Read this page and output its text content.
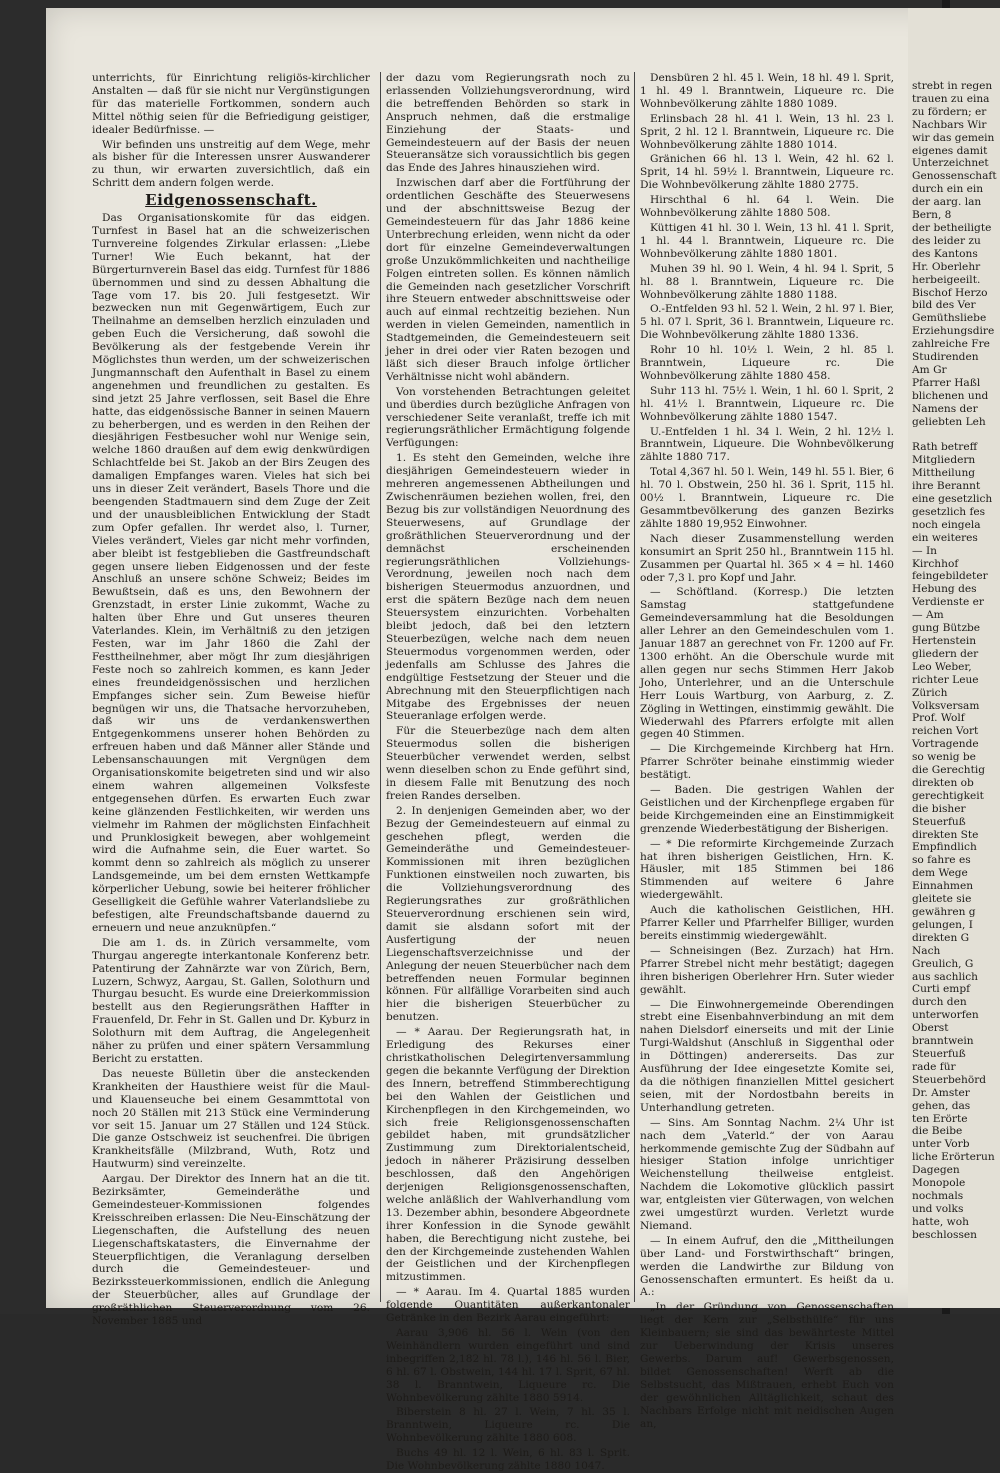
strebt in regen
trauen zu eina
zu fördern; er
Nachbars Wir
wir das gemein
eigenes damit
Unterzeichnet
Genossenschaft
durch ein ein
der aarg. lan
Bern, 8
der betheiligte
des leider zu
des Kantons
Hr. Oberlehr
herbeigeeilt.
Bischof Herzo
bild des Ver
Gemüthsliebe
Erziehungsdire
zahlreiche Fre
Studirenden
Am Gr
Pfarrer Haßl
blichenen und
Namens der
geliebten Leh

Rath betreff
Mitgliedern
Mittheilung
ihre Berannt
eine gesetzlich
gesetzlich fes
noch eingela
ein weiteres
— In
Kirchhof
feingebildeter
Hebung des
Verdienste er
— Am
gung Bützbe
Hertenstein
gliedern der
Leo Weber,
richter Leue
Zürich
Volksversam
Prof. Wolf
reichen Vort
Vortragende
so wenig be
die Gerechtig
direkten ob
gerechtigkeit
die bisher
Steuerfuß
direkten Ste
Empfindlich
so fahre es
dem Wege
Einnahmen
gleitete sie
gewähren g
gelungen, I
direkten G
Nach
Greulich, G
aus sachlich
Curti empf
durch den
unterworfen
Oberst
branntwein
Steuerfuß
rade für
Steuerbehörd
Dr. Amster
gehen, das
ten Erörte
die Beibe
unter Vorb
liche Erörterun
Dagegen
Monopole
nochmals
und volks
hatte, woh
beschlossen

unterrichts, für Einrichtung religiös-kirchlicher Anstalten — daß für sie nicht nur Vergünstigungen für das materielle Fortkommen, sondern auch Mittel nöthig seien für die Befriedigung geistiger, idealer Bedürfnisse. —

Wir befinden uns unstreitig auf dem Wege, mehr als bisher für die Interessen unsrer Auswanderer zu thun, wir erwarten zuversichtlich, daß ein Schritt dem andern folgen werde.

Eidgenossenschaft.

Das Organisationskomite für das eidgen. Turnfest in Basel hat an die schweizerischen Turnvereine folgendes Zirkular erlassen: „Liebe Turner! Wie Euch bekannt, hat der Bürgerturnverein Basel das eidg. Turnfest für 1886 übernommen und sind zu dessen Abhaltung die Tage vom 17. bis 20. Juli festgesetzt. Wir bezwecken nun mit Gegenwärtigem, Euch zur Theilnahme an demselben herzlich einzuladen und geben Euch die Versicherung, daß sowohl die Bevölkerung als der festgebende Verein ihr Möglichstes thun werden, um der schweizerischen Jungmannschaft den Aufenthalt in Basel zu einem angenehmen und freundlichen zu gestalten. Es sind jetzt 25 Jahre verflossen, seit Basel die Ehre hatte, das eidgenössische Banner in seinen Mauern zu beherbergen, und es werden in den Reihen der diesjährigen Festbesucher wohl nur Wenige sein, welche 1860 draußen auf dem ewig denkwürdigen Schlachtfelde bei St. Jakob an der Birs Zeugen des damaligen Empfanges waren. Vieles hat sich bei uns in dieser Zeit verändert, Basels Thore und die beengenden Stadtmauern sind dem Zuge der Zeit und der unausbleiblichen Entwicklung der Stadt zum Opfer gefallen. Ihr werdet also, l. Turner, Vieles verändert, Vieles gar nicht mehr vorfinden, aber bleibt ist festgeblieben die Gastfreundschaft gegen unsere lieben Eidgenossen und der feste Anschluß an unsere schöne Schweiz; Beides im Bewußtsein, daß es uns, den Bewohnern der Grenzstadt, in erster Linie zukommt, Wache zu halten über Ehre und Gut unseres theuren Vaterlandes. Klein, im Verhältniß zu den jetzigen Festen, war im Jahr 1860 die Zahl der Festtheilnehmer, aber mögt Ihr zum diesjährigen Feste noch so zahlreich kommen, es kann Jeder eines freundeidgenössischen und herzlichen Empfanges sicher sein. Zum Beweise hiefür begnügen wir uns, die Thatsache hervorzuheben, daß wir uns de verdankenswerthen Entgegenkommens unserer hohen Behörden zu erfreuen haben und daß Männer aller Stände und Lebensanschauungen mit Vergnügen dem Organisationskomite beigetreten sind und wir also einem wahren allgemeinen Volksfeste entgegensehen dürfen. Es erwarten Euch zwar keine glänzenden Festlichkeiten, wir werden uns vielmehr im Rahmen der möglichsten Einfachheit und Prunklosigkeit bewegen, aber wohlgemeint wird die Aufnahme sein, die Euer wartet. So kommt denn so zahlreich als möglich zu unserer Landsgemeinde, um bei dem ernsten Wettkampfe körperlicher Uebung, sowie bei heiterer fröhlicher Geselligkeit die Gefühle wahrer Vaterlandsliebe zu befestigen, alte Freundschaftsbande dauernd zu erneuern und neue anzuknüpfen.“

Die am 1. ds. in Zürich versammelte, vom Thurgau angeregte interkantonale Konferenz betr. Patentirung der Zahnärzte war von Zürich, Bern, Luzern, Schwyz, Aargau, St. Gallen, Solothurn und Thurgau besucht. Es wurde eine Dreierkommission bestellt aus den Regierungsräthen Haffter in Frauenfeld, Dr. Fehr in St. Gallen und Dr. Kyburz in Solothurn mit dem Auftrag, die Angelegenheit näher zu prüfen und einer spätern Versammlung Bericht zu erstatten.

Das neueste Bülletin über die ansteckenden Krankheiten der Hausthiere weist für die Maul- und Klauenseuche bei einem Gesammttotal von noch 20 Ställen mit 213 Stück eine Verminderung vor seit 15. Januar um 27 Ställen und 124 Stück. Die ganze Ostschweiz ist seuchenfrei. Die übrigen Krankheitsfälle (Milzbrand, Wuth, Rotz und Hautwurm) sind vereinzelte.

Aargau. Der Direktor des Innern hat an die tit. Bezirksämter, Gemeinderäthe und Gemeindesteuer-Kommissionen folgendes Kreisschreiben erlassen: Die Neu-Einschätzung der Liegenschaften, die Aufstellung des neuen Liegenschaftskatasters, die Einvernahme der Steuerpflichtigen, die Veranlagung derselben durch die Gemeindesteuer- und Bezirkssteuerkommissionen, endlich die Anlegung der Steuerbücher, alles auf Grundlage der großräthlichen Steuerverordnung vom 26. November 1885 und

der dazu vom Regierungsrath noch zu erlassenden Vollziehungsverordnung, wird die betreffenden Behörden so stark in Anspruch nehmen, daß die erstmalige Einziehung der Staats- und Gemeindesteuern auf der Basis der neuen Steueransätze sich voraussichtlich bis gegen das Ende des Jahres hinausziehen wird.

Inzwischen darf aber die Fortführung der ordentlichen Geschäfte des Steuerwesens und der abschnittsweise Bezug der Gemeindesteuern für das Jahr 1886 keine Unterbrechung erleiden, wenn nicht da oder dort für einzelne Gemeindeverwaltungen große Unzukömmlichkeiten und nachtheilige Folgen eintreten sollen. Es können nämlich die Gemeinden nach gesetzlicher Vorschrift ihre Steuern entweder abschnittsweise oder auch auf einmal rechtzeitig beziehen. Nun werden in vielen Gemeinden, namentlich in Stadtgemeinden, die Gemeindesteuern seit jeher in drei oder vier Raten bezogen und läßt sich dieser Brauch infolge örtlicher Verhältnisse nicht wohl abändern.

Von vorstehenden Betrachtungen geleitet und überdies durch bezügliche Anfragen von verschiedener Seite veranlaßt, treffe ich mit regierungsräthlicher Ermächtigung folgende Verfügungen:

1. Es steht den Gemeinden, welche ihre diesjährigen Gemeindesteuern wieder in mehreren angemessenen Abtheilungen und Zwischenräumen beziehen wollen, frei, den Bezug bis zur vollständigen Neuordnung des Steuerwesens, auf Grundlage der großräthlichen Steuerverordnung und der demnächst erscheinenden regierungsräthlichen Vollziehungs-Verordnung, jeweilen noch nach dem bisherigen Steuermodus anzuordnen, und erst die spätern Bezüge nach dem neuen Steuersystem einzurichten. Vorbehalten bleibt jedoch, daß bei den letztern Steuerbezügen, welche nach dem neuen Steuermodus vorgenommen werden, oder jedenfalls am Schlusse des Jahres die endgültige Festsetzung der Steuer und die Abrechnung mit den Steuerpflichtigen nach Mitgabe des Ergebnisses der neuen Steueranlage erfolgen werde.

Für die Steuerbezüge nach dem alten Steuermodus sollen die bisherigen Steuerbücher verwendet werden, selbst wenn dieselben schon zu Ende geführt sind, in diesem Falle mit Benutzung des noch freien Randes derselben.

2. In denjenigen Gemeinden aber, wo der Bezug der Gemeindesteuern auf einmal zu geschehen pflegt, werden die Gemeinderäthe und Gemeindesteuer-Kommissionen mit ihren bezüglichen Funktionen einstweilen noch zuwarten, bis die Vollziehungsverordnung des Regierungsrathes zur großräthlichen Steuerverordnung erschienen sein wird, damit sie alsdann sofort mit der Ausfertigung der neuen Liegenschaftsverzeichnisse und der Anlegung der neuen Steuerbücher nach dem betreffenden neuen Formular beginnen können. Für allfällige Vorarbeiten sind auch hier die bisherigen Steuerbücher zu benutzen.

— * Aarau. Der Regierungsrath hat, in Erledigung des Rekurses einer christkatholischen Delegirtenversammlung gegen die bekannte Verfügung der Direktion des Innern, betreffend Stimmberechtigung bei den Wahlen der Geistlichen und Kirchenpflegen in den Kirchgemeinden, wo sich freie Religionsgenossenschaften gebildet haben, mit grundsätzlicher Zustimmung zum Direktorialentscheid, jedoch in näherer Präzisirung desselben beschlossen, daß den Angehörigen derjenigen Religionsgenossenschaften, welche anläßlich der Wahlverhandlung vom 13. Dezember abhin, besondere Abgeordnete ihrer Konfession in die Synode gewählt haben, die Berechtigung nicht zustehe, bei den der Kirchgemeinde zustehenden Wahlen der Geistlichen und der Kirchenpflegen mitzustimmen.

— * Aarau. Im 4. Quartal 1885 wurden folgende Quantitäten außerkantonaler Getränke in den Bezirk Aarau eingeführt:

Aarau 3,906 hl. 56 l. Wein (von den Weinhändlern wurden eingeführt und sind inbegriffen 2,182 hl. 78 l.), 146 hl. 56 l. Bier, 6 hl. 67 l. Obstwein, 144 hl. 17 l. Sprit, 67 hl. 38 l. Branntwein, Liqueure rc. Die Wohnbevölkerung zählte 1880 5914.

Biberstein 8 hl. 27 l. Wein, 7 hl. 35 l. Branntwein, Liqueure rc. Die Wohnbevölkerung zählte 1880 608.

Buchs 49 hl. 12 l. Wein, 6 hl. 83 l. Sprit. Die Wohnbevölkerung zählte 1880 1047.

Densbüren 2 hl. 45 l. Wein, 18 hl. 49 l. Sprit, 1 hl. 49 l. Branntwein, Liqueure rc. Die Wohnbevölkerung zählte 1880 1089.

Erlinsbach 28 hl. 41 l. Wein, 13 hl. 23 l. Sprit, 2 hl. 12 l. Branntwein, Liqueure rc. Die Wohnbevölkerung zählte 1880 1014.

Gränichen 66 hl. 13 l. Wein, 42 hl. 62 l. Sprit, 14 hl. 59½ l. Branntwein, Liqueure rc. Die Wohnbevölkerung zählte 1880 2775.

Hirschthal 6 hl. 64 l. Wein. Die Wohnbevölkerung zählte 1880 508.

Küttigen 41 hl. 30 l. Wein, 13 hl. 41 l. Sprit, 1 hl. 44 l. Branntwein, Liqueure rc. Die Wohnbevölkerung zählte 1880 1801.

Muhen 39 hl. 90 l. Wein, 4 hl. 94 l. Sprit, 5 hl. 88 l. Branntwein, Liqueure rc. Die Wohnbevölkerung zählte 1880 1188.

O.-Entfelden 93 hl. 52 l. Wein, 2 hl. 97 l. Bier, 5 hl. 07 l. Sprit, 36 l. Branntwein, Liqueure rc. Die Wohnbevölkerung zählte 1880 1336.

Rohr 10 hl. 10½ l. Wein, 2 hl. 85 l. Branntwein, Liqueure rc. Die Wohnbevölkerung zählte 1880 458.

Suhr 113 hl. 75½ l. Wein, 1 hl. 60 l. Sprit, 2 hl. 41½ l. Branntwein, Liqueure rc. Die Wohnbevölkerung zählte 1880 1547.

U.-Entfelden 1 hl. 34 l. Wein, 2 hl. 12½ l. Branntwein, Liqueure. Die Wohnbevölkerung zählte 1880 717.

Total 4,367 hl. 50 l. Wein, 149 hl. 55 l. Bier, 6 hl. 70 l. Obstwein, 250 hl. 36 l. Sprit, 115 hl. 00½ l. Branntwein, Liqueure rc. Die Gesammtbevölkerung des ganzen Bezirks zählte 1880 19,952 Einwohner.

Nach dieser Zusammenstellung werden konsumirt an Sprit 250 hl., Branntwein 115 hl. Zusammen per Quartal hl. 365 × 4 = hl. 1460 oder 7,3 l. pro Kopf und Jahr.

— Schöftland. (Korresp.) Die letzten Samstag stattgefundene Gemeindeversammlung hat die Besoldungen aller Lehrer an den Gemeindeschulen vom 1. Januar 1887 an gerechnet von Fr. 1200 auf Fr. 1300 erhöht. An die Oberschule wurde mit allen gegen nur sechs Stimmen Herr Jakob Joho, Unterlehrer, und an die Unterschule Herr Louis Wartburg, von Aarburg, z. Z. Zögling in Wettingen, einstimmig gewählt. Die Wiederwahl des Pfarrers erfolgte mit allen gegen 40 Stimmen.

— Die Kirchgemeinde Kirchberg hat Hrn. Pfarrer Schröter beinahe einstimmig wieder bestätigt.

— Baden. Die gestrigen Wahlen der Geistlichen und der Kirchenpflege ergaben für beide Kirchgemeinden eine an Einstimmigkeit grenzende Wiederbestätigung der Bisherigen.

— * Die reformirte Kirchgemeinde Zurzach hat ihren bisherigen Geistlichen, Hrn. K. Häusler, mit 185 Stimmen bei 186 Stimmenden auf weitere 6 Jahre wiedergewählt.

Auch die katholischen Geistlichen, HH. Pfarrer Keller und Pfarrhelfer Billiger, wurden bereits einstimmig wiedergewählt.

— Schneisingen (Bez. Zurzach) hat Hrn. Pfarrer Strebel nicht mehr bestätigt; dagegen ihren bisherigen Oberlehrer Hrn. Suter wieder gewählt.

— Die Einwohnergemeinde Oberendingen strebt eine Eisenbahnverbindung an mit dem nahen Dielsdorf einerseits und mit der Linie Turgi-Waldshut (Anschluß in Siggenthal oder in Döttingen) andererseits. Das zur Ausführung der Idee eingesetzte Komite sei, da die nöthigen finanziellen Mittel gesichert seien, mit der Nordostbahn bereits in Unterhandlung getreten.

— Sins. Am Sonntag Nachm. 2¼ Uhr ist nach dem „Vaterld.“ der von Aarau herkommende gemischte Zug der Südbahn auf hiesiger Station infolge unrichtiger Weichenstellung theilweise entgleist. Nachdem die Lokomotive glücklich passirt war, entgleisten vier Güterwagen, von welchen zwei umgestürzt wurden. Verletzt wurde Niemand.

— In einem Aufruf, den die „Mittheilungen über Land- und Forstwirthschaft“ bringen, werden die Landwirthe zur Bildung von Genossenschaften ermuntert. Es heißt da u. A.:

„In der Gründung von Genossenschaften liegt der Kern zur „Selbsthülfe“ für uns Kleinbauern; sie sind das bewährteste Mittel zur Ueberwindung der Krisis unseres Gewerbs. Darum auf! Gewerbsgenossen, bildet Genossenschaften! Werft ab die Selbstsucht, das Mißtrauen, erhebt Euch von der gewöhnlichen Alltäglichkeit, schaut des Nachbars Erfolge nicht mit neidischen Augen an,
